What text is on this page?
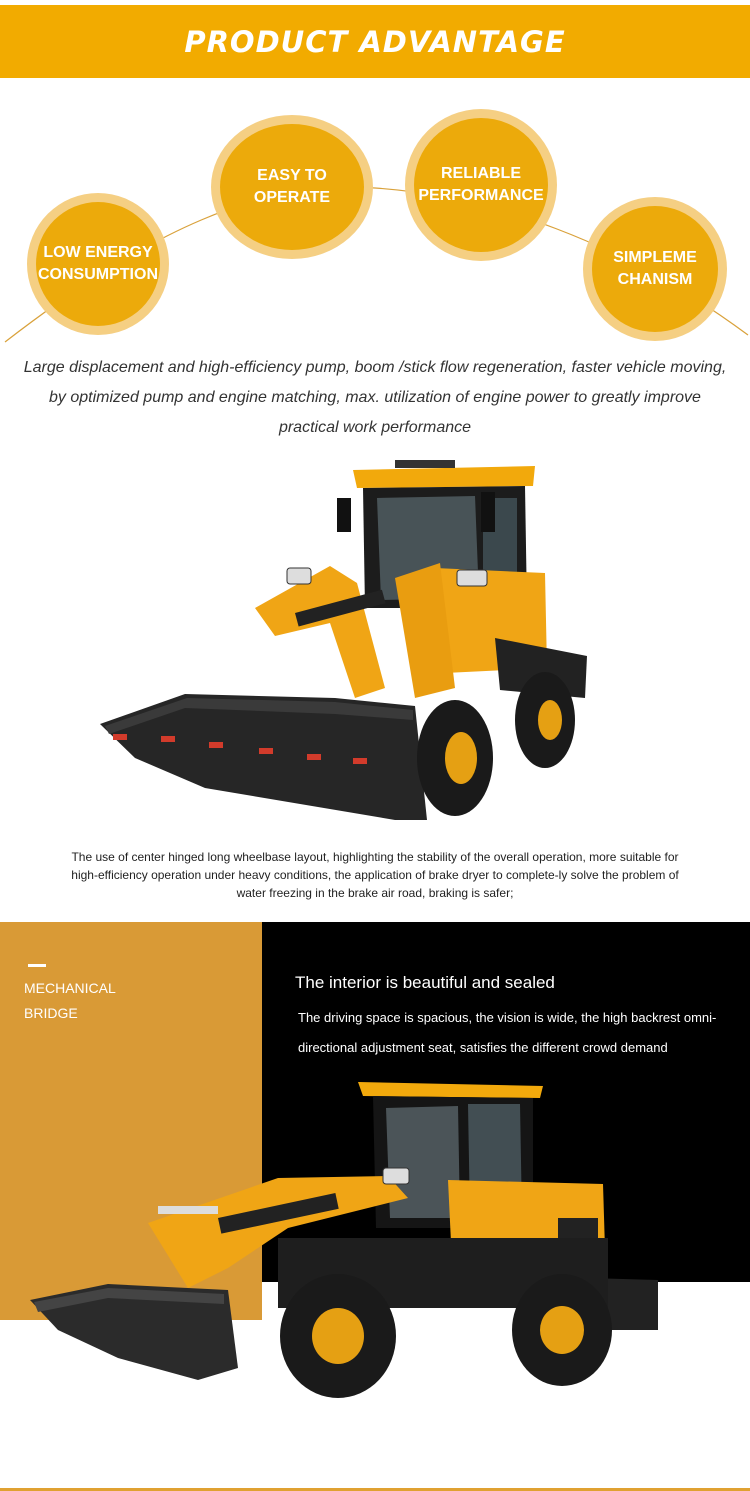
PRODUCT ADVANTAGE
LOW ENERGY
CONSUMPTION
EASY TO
OPERATE
RELIABLE
PERFORMANCE
SIMPLEME
CHANISM

Large displacement and high-efficiency pump, boom /stick flow regeneration, faster vehicle moving, by optimized pump and engine matching, max. utilization of engine power to greatly improve practical work performance

The use of center hinged long wheelbase layout, highlighting the stability of the overall operation, more suitable for high-efficiency operation under heavy conditions, the application of brake dryer to complete-ly solve the problem of water freezing in the brake air road, braking is safer;

MECHANICAL
BRIDGE

The interior is beautiful and sealed

The driving space is spacious, the vision is wide, the high backrest omni-directional adjustment seat, satisfies the different crowd demand
